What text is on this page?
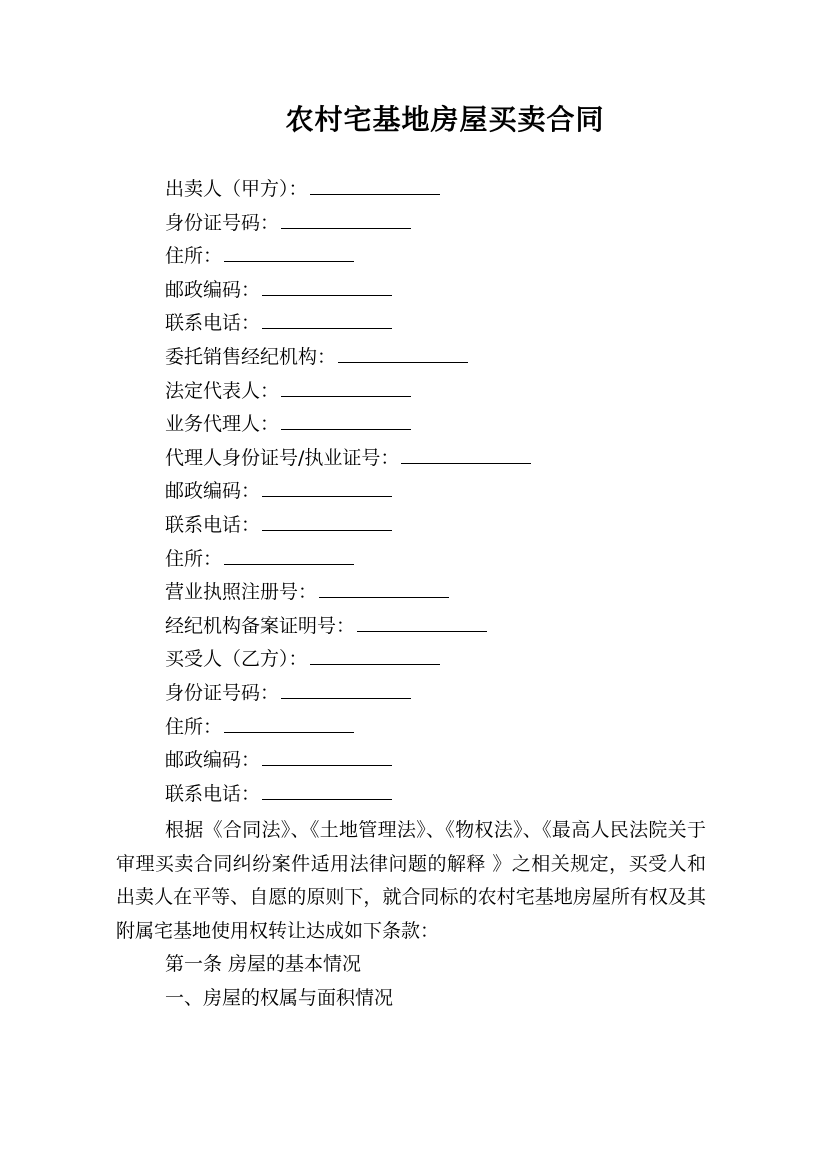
农村宅基地房屋买卖合同
出卖人（甲方）：
身份证号码：
住所：
邮政编码：
联系电话：
委托销售经纪机构：
法定代表人：
业务代理人：
代理人身份证号/执业证号：
邮政编码：
联系电话：
住所：
营业执照注册号：
经纪机构备案证明号：
买受人（乙方）：
身份证号码：
住所：
邮政编码：
联系电话：
根据《合同法》、《土地管理法》、《物权法》、《最高人民法院关于审理买卖合同纠纷案件适用法律问题的解释 》之相关规定，买受人和出卖人在平等、自愿的原则下，就合同标的农村宅基地房屋所有权及其附属宅基地使用权转让达成如下条款：
第一条 房屋的基本情况
一、房屋的权属与面积情况
